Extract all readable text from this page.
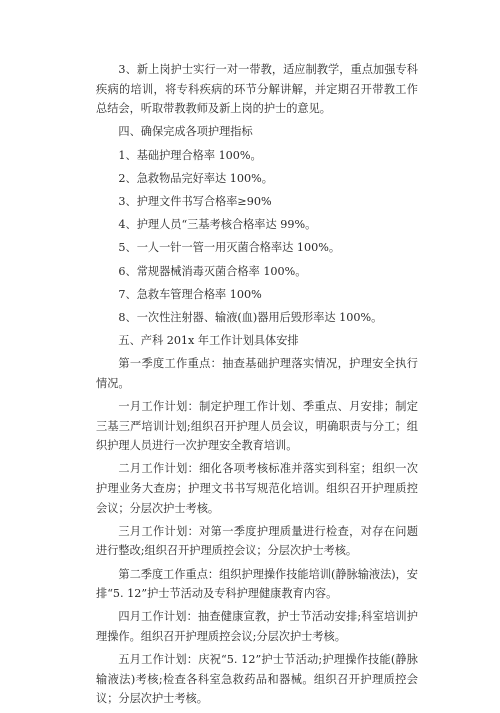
3、新上岗护士实行一对一带教，适应制教学，重点加强专科疾病的培训，将专科疾病的环节分解讲解，并定期召开带教工作总结会，听取带教教师及新上岗的护士的意见。

四、确保完成各项护理指标

1、基础护理合格率 100%。

2、急救物品完好率达 100%。

3、护理文件书写合格率≥90%

4、护理人员“三基考核合格率达 99%。

5、一人一针一管一用灭菌合格率达 100%。

6、常规器械消毒灭菌合格率 100%。

7、急救车管理合格率 100%

8、一次性注射器、输液(血)器用后毁形率达 100%。

五、产科 201x 年工作计划具体安排

第一季度工作重点：抽查基础护理落实情况，护理安全执行情况。

一月工作计划：制定护理工作计划、季重点、月安排；制定三基三严培训计划;组织召开护理人员会议，明确职责与分工；组织护理人员进行一次护理安全教育培训。

二月工作计划：细化各项考核标准并落实到科室；组织一次护理业务大查房；护理文书书写规范化培训。组织召开护理质控会议；分层次护士考核。

三月工作计划：对第一季度护理质量进行检查，对存在问题进行整改;组织召开护理质控会议；分层次护士考核。

第二季度工作重点：组织护理操作技能培训(静脉输液法)，安排“5. 12”护士节活动及专科护理健康教育内容。

四月工作计划：抽查健康宣教，护士节活动安排;科室培训护理操作。组织召开护理质控会议;分层次护士考核。

五月工作计划：庆祝“5. 12”护士节活动;护理操作技能(静脉输液法)考核;检查各科室急救药品和器械。组织召开护理质控会议；分层次护士考核。
